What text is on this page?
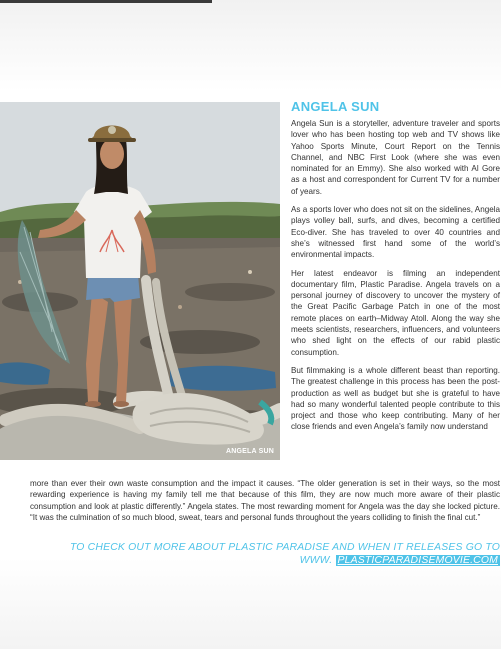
ANGELA SUN
ANGELA SUN

Angela Sun is a storyteller, adventure traveler and sports lover who has been hosting top web and TV shows like Yahoo Sports Minute, Court Report on the Tennis Channel, and NBC First Look (where she was even nominated for an Emmy). She also worked with Al Gore as a host and correspondent for Current TV for a number of years.

As a sports lover who does not sit on the sidelines, Angela plays volley ball, surfs, and dives, becoming a certified Eco-diver. She has traveled to over 40 countries and she’s witnessed first hand some of the world’s environmental impacts.

Her latest endeavor is filming an independent documentary film, Plastic Paradise. Angela travels on a personal journey of discovery to uncover the mystery of the Great Pacific Garbage Patch in one of the most remote places on earth–Midway Atoll. Along the way she meets scientists, researchers, influencers, and volunteers who shed light on the effects of our rabid plastic consumption.

But filmmaking is a whole different beast than reporting. The greatest challenge in this process has been the post- production as well as budget but she is grateful to have had so many wonderful talented people contribute to this project and those who keep contributing. Many of her close friends and even Angela’s family now understand

more than ever their own waste consumption and the impact it causes. “The older generation is set in their ways, so the most rewarding experience is having my family tell me that because of this film, they are now much more aware of their plastic consumption and look at plastic differently.” Angela states. The most rewarding moment for Angela was the day she locked picture. “It was the culmination of so much blood, sweat, tears and personal funds throughout the years colliding to finish the final cut.”
TO CHECK OUT MORE ABOUT PLASTIC PARADISE AND WHEN IT RELEASES GO TO
WWW. PLASTICPARADISEMOVIE.COM
